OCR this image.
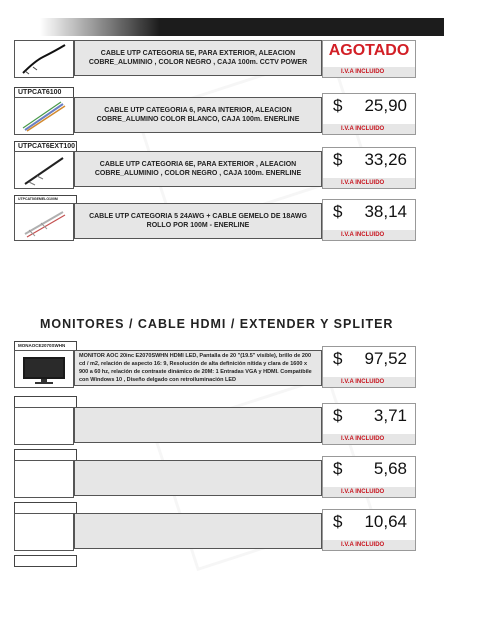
CABLE UTP CATEGORIA 5E, PARA EXTERIOR, ALEACION COBRE_ALUMINIO , COLOR NEGRO , CAJA 100m. CCTV POWER
AGOTADO
I.V.A INCLUIDO
UTPCAT6100
CABLE UTP CATEGORIA 6, PARA INTERIOR, ALEACION COBRE_ALUMINO COLOR BLANCO, CAJA 100m. ENERLINE
$ 25,90
I.V.A INCLUIDO
UTPCAT6EXT100
CABLE UTP CATEGORIA 6E, PARA EXTERIOR , ALEACION COBRE_ALUMINIO , COLOR NEGRO , CAJA 100m. ENERLINE
$ 33,26
I.V.A INCLUIDO
UTPCAT5GEMELO100M
CABLE UTP CATEGORIA 5 24AWG + CABLE GEMELO DE 18AWG ROLLO POR 100M - ENERLINE
$ 38,14
I.V.A INCLUIDO
MONITORES / CABLE HDMI / EXTENDER Y SPLITER
MONAOCE2070SWHN
MONITOR AOC 20inc E2070SWHN HDMI LED, Pantalla de 20 "(19.5" visible), brillo de 200 cd / m2, relación de aspecto 16: 9, Resolución de alta definición nítida y clara de 1600 x 900 a 60 hz, relación de contraste dinámico de 20M: 1 Entradas VGA y HDMI. Compatibile con Windows 10 , Diseño delgado con retroiluminación LED
$ 97,52
I.V.A INCLUIDO
$ 3,71
I.V.A INCLUIDO
$ 5,68
I.V.A INCLUIDO
$ 10,64
I.V.A INCLUIDO
